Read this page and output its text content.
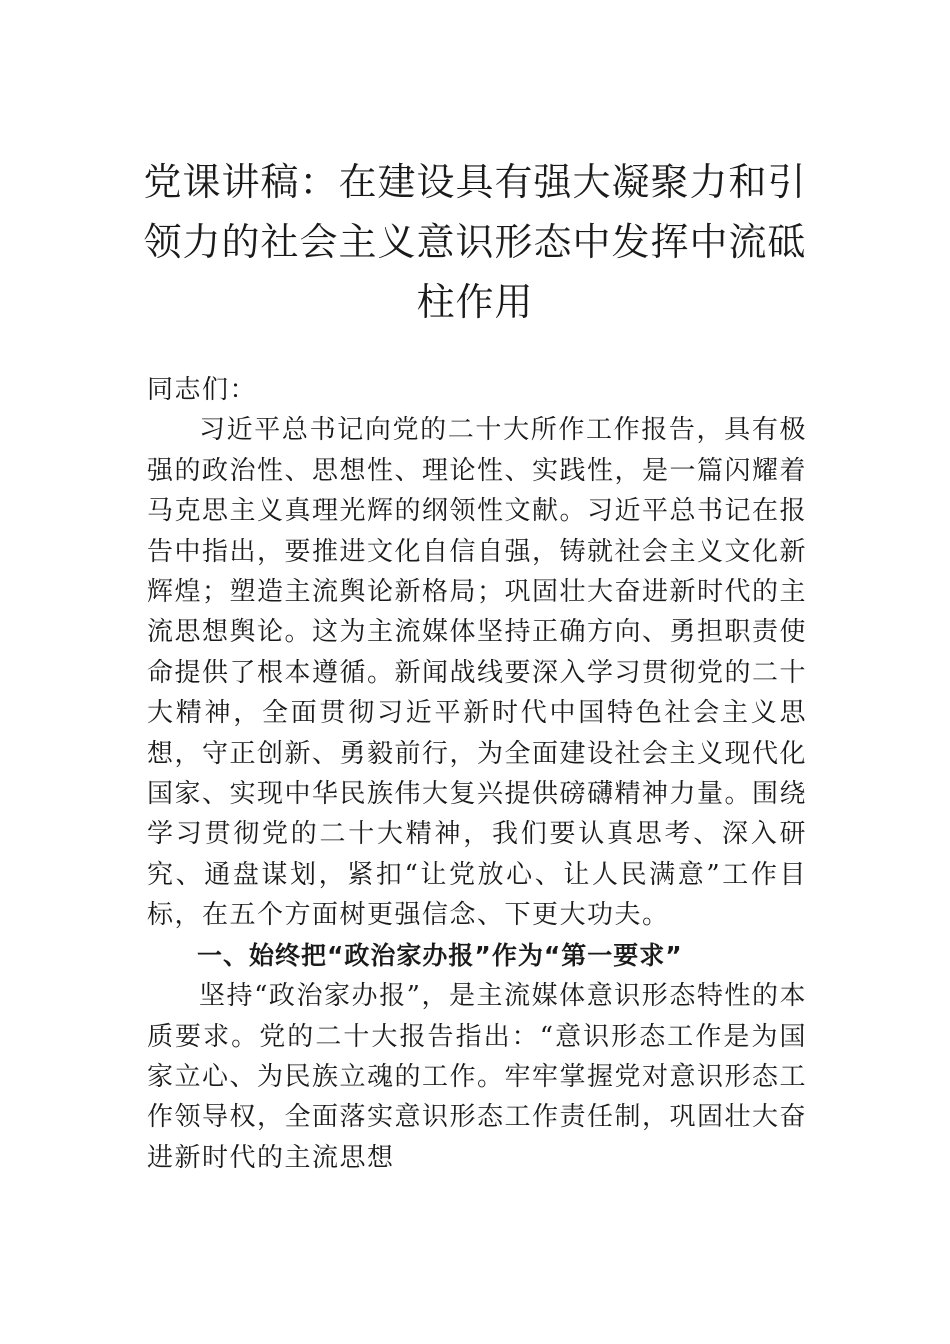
党课讲稿：在建设具有强大凝聚力和引领力的社会主义意识形态中发挥中流砥柱作用

同志们：

习近平总书记向党的二十大所作工作报告，具有极强的政治性、思想性、理论性、实践性，是一篇闪耀着马克思主义真理光辉的纲领性文献。习近平总书记在报告中指出，要推进文化自信自强，铸就社会主义文化新辉煌；塑造主流舆论新格局；巩固壮大奋进新时代的主流思想舆论。这为主流媒体坚持正确方向、勇担职责使命提供了根本遵循。新闻战线要深入学习贯彻党的二十大精神，全面贯彻习近平新时代中国特色社会主义思想，守正创新、勇毅前行，为全面建设社会主义现代化国家、实现中华民族伟大复兴提供磅礴精神力量。围绕学习贯彻党的二十大精神，我们要认真思考、深入研究、通盘谋划，紧扣“让党放心、让人民满意”工作目标，在五个方面树更强信念、下更大功夫。

一、始终把“政治家办报”作为“第一要求”

坚持“政治家办报”，是主流媒体意识形态特性的本质要求。党的二十大报告指出：“意识形态工作是为国家立心、为民族立魂的工作。牢牢掌握党对意识形态工作领导权，全面落实意识形态工作责任制，巩固壮大奋进新时代的主流思想
